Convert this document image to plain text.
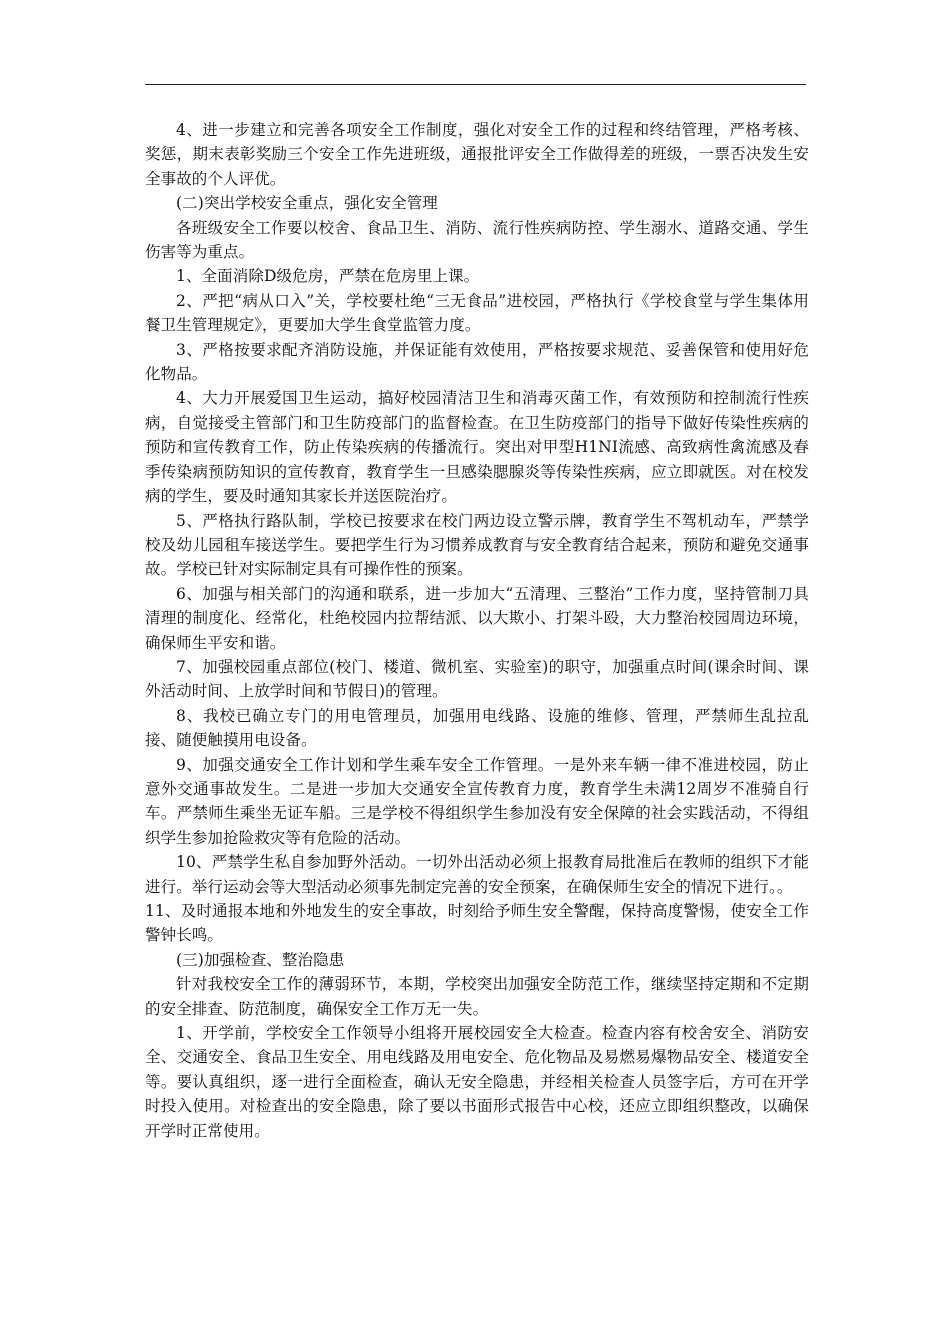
4、进一步建立和完善各项安全工作制度，强化对安全工作的过程和终结管理，严格考核、奖惩，期末表彰奖励三个安全工作先进班级，通报批评安全工作做得差的班级，一票否决发生安全事故的个人评优。

(二)突出学校安全重点，强化安全管理

各班级安全工作要以校舍、食品卫生、消防、流行性疾病防控、学生溺水、道路交通、学生伤害等为重点。

1、全面消除D级危房，严禁在危房里上课。

2、严把“病从口入”关，学校要杜绝“三无食品”进校园，严格执行《学校食堂与学生集体用餐卫生管理规定》，更要加大学生食堂监管力度。

3、严格按要求配齐消防设施，并保证能有效使用，严格按要求规范、妥善保管和使用好危化物品。

4、大力开展爱国卫生运动，搞好校园清洁卫生和消毒灭菌工作，有效预防和控制流行性疾病，自觉接受主管部门和卫生防疫部门的监督检查。在卫生防疫部门的指导下做好传染性疾病的预防和宣传教育工作，防止传染疾病的传播流行。突出对甲型H1NI流感、高致病性禽流感及春季传染病预防知识的宣传教育，教育学生一旦感染腮腺炎等传染性疾病，应立即就医。对在校发病的学生，要及时通知其家长并送医院治疗。

5、严格执行路队制，学校已按要求在校门两边设立警示牌，教育学生不驾机动车，严禁学校及幼儿园租车接送学生。要把学生行为习惯养成教育与安全教育结合起来，预防和避免交通事故。学校已针对实际制定具有可操作性的预案。

6、加强与相关部门的沟通和联系，进一步加大“五清理、三整治”工作力度，坚持管制刀具清理的制度化、经常化，杜绝校园内拉帮结派、以大欺小、打架斗殴，大力整治校园周边环境，确保师生平安和谐。

7、加强校园重点部位(校门、楼道、微机室、实验室)的职守，加强重点时间(课余时间、课外活动时间、上放学时间和节假日)的管理。

8、我校已确立专门的用电管理员，加强用电线路、设施的维修、管理，严禁师生乱拉乱接、随便触摸用电设备。

9、加强交通安全工作计划和学生乘车安全工作管理。一是外来车辆一律不准进校园，防止意外交通事故发生。二是进一步加大交通安全宣传教育力度，教育学生未满12周岁不准骑自行车。严禁师生乘坐无证车船。三是学校不得组织学生参加没有安全保障的社会实践活动，不得组织学生参加抢险救灾等有危险的活动。

10、严禁学生私自参加野外活动。一切外出活动必须上报教育局批准后在教师的组织下才能进行。举行运动会等大型活动必须事先制定完善的安全预案，在确保师生安全的情况下进行。。

11、及时通报本地和外地发生的安全事故，时刻给予师生安全警醒，保持高度警惕，使安全工作警钟长鸣。

(三)加强检查、整治隐患

针对我校安全工作的薄弱环节，本期，学校突出加强安全防范工作，继续坚持定期和不定期的安全排查、防范制度，确保安全工作万无一失。

1、开学前，学校安全工作领导小组将开展校园安全大检查。检查内容有校舍安全、消防安全、交通安全、食品卫生安全、用电线路及用电安全、危化物品及易燃易爆物品安全、楼道安全等。要认真组织，逐一进行全面检查，确认无安全隐患，并经相关检查人员签字后，方可在开学时投入使用。对检查出的安全隐患，除了要以书面形式报告中心校，还应立即组织整改，以确保开学时正常使用。
